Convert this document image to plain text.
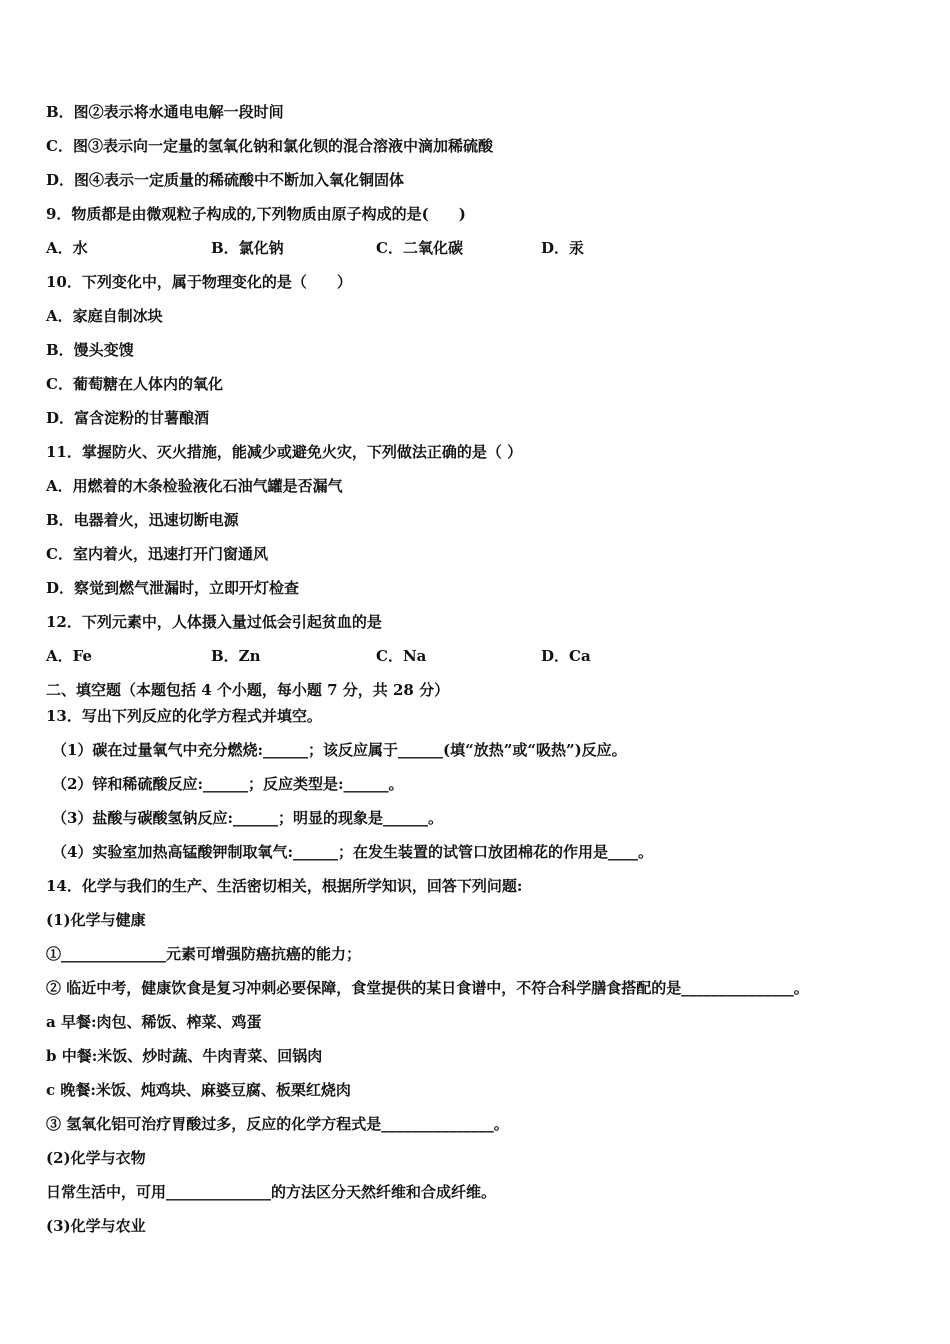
B．图②表示将水通电电解一段时间
C．图③表示向一定量的氢氧化钠和氯化钡的混合溶液中滴加稀硫酸
D．图④表示一定质量的稀硫酸中不断加入氧化铜固体
9．物质都是由微观粒子构成的,下列物质由原子构成的是(　　)
A．水	B．氯化钠	C．二氧化碳	D．汞
10．下列变化中，属于物理变化的是（　　）
A．家庭自制冰块
B．馒头变馊
C．葡萄糖在人体内的氧化
D．富含淀粉的甘薯酿酒
11．掌握防火、灭火措施，能减少或避免火灾，下列做法正确的是（ ）
A．用燃着的木条检验液化石油气罐是否漏气
B．电器着火，迅速切断电源
C．室内着火，迅速打开门窗通风
D．察觉到燃气泄漏时，立即开灯检查
12．下列元素中，人体摄入量过低会引起贫血的是
A．Fe	B．Zn	C．Na	D．Ca
二、填空题（本题包括 4 个小题，每小题 7 分，共 28 分）
13．写出下列反应的化学方程式并填空。
（1）碳在过量氧气中充分燃烧:______；该反应属于______(填“放热”或“吸热”)反应。
（2）锌和稀硫酸反应:______；反应类型是:______。
（3）盐酸与碳酸氢钠反应:______；明显的现象是______。
（4）实验室加热高锰酸钾制取氧气:______；在发生装置的试管口放团棉花的作用是____。
14．化学与我们的生产、生活密切相关，根据所学知识，回答下列问题:
(1)化学与健康
①______________元素可增强防癌抗癌的能力；
② 临近中考，健康饮食是复习冲刺必要保障，食堂提供的某日食谱中，不符合科学膳食搭配的是_______________。
a 早餐:肉包、稀饭、榨菜、鸡蛋
b 中餐:米饭、炒时蔬、牛肉青菜、回锅肉
c 晚餐:米饭、炖鸡块、麻婆豆腐、板栗红烧肉
③ 氢氧化铝可治疗胃酸过多，反应的化学方程式是_______________。
(2)化学与衣物
日常生活中，可用______________的方法区分天然纤维和合成纤维。
(3)化学与农业
